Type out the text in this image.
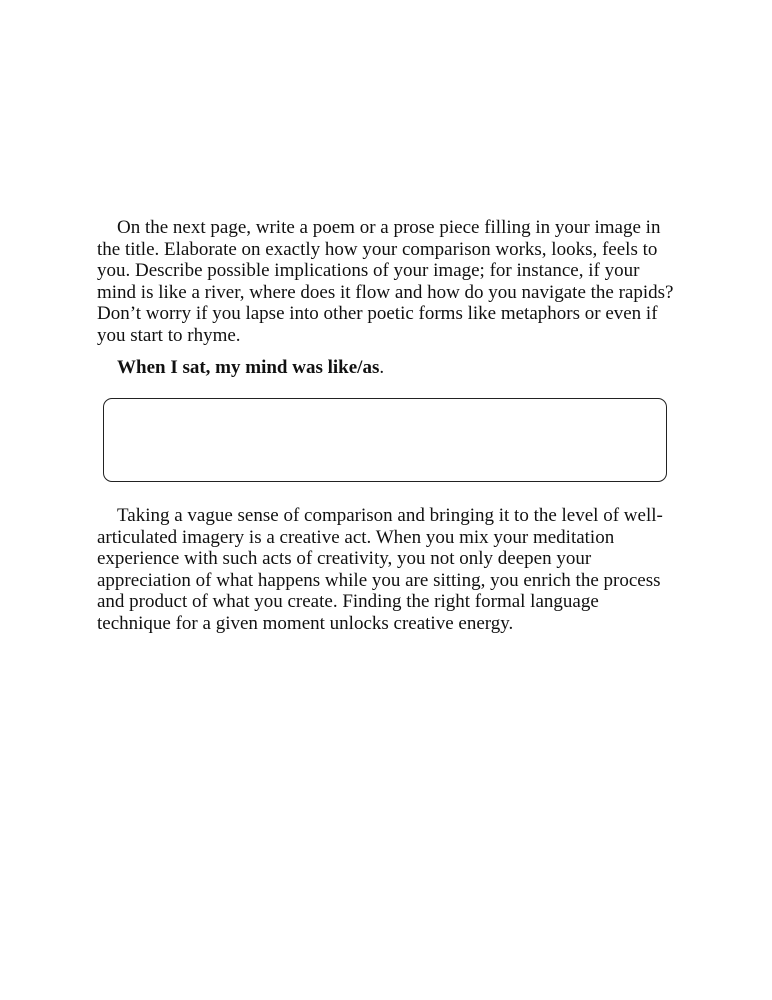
On the next page, write a poem or a prose piece filling in your image in the title. Elaborate on exactly how your comparison works, looks, feels to you. Describe possible implications of your image; for instance, if your mind is like a river, where does it flow and how do you navigate the rapids? Don’t worry if you lapse into other poetic forms like metaphors or even if you start to rhyme.

When I sat, my mind was like/as.

Taking a vague sense of comparison and bringing it to the level of well-articulated imagery is a creative act. When you mix your meditation experience with such acts of creativity, you not only deepen your appreciation of what happens while you are sitting, you enrich the process and product of what you create. Finding the right formal language technique for a given moment unlocks creative energy.
